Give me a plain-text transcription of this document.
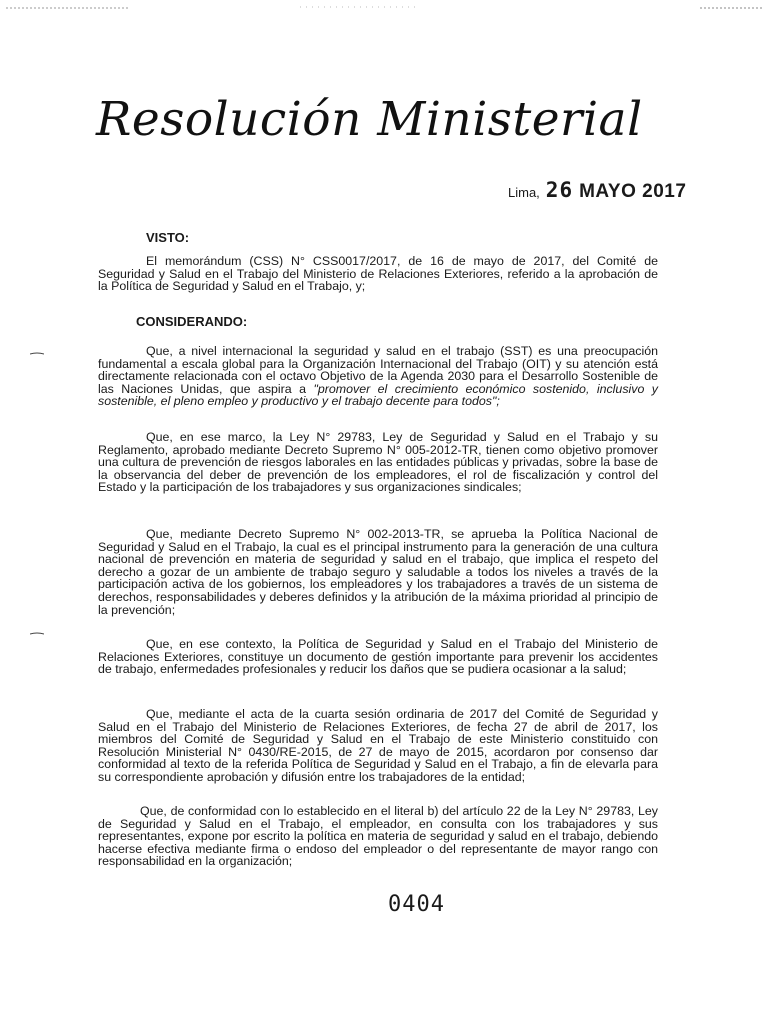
Resolución Ministerial
Lima, 26 MAYO 2017
VISTO:
El memorándum (CSS) N° CSS0017/2017, de 16 de mayo de 2017, del Comité de Seguridad y Salud en el Trabajo del Ministerio de Relaciones Exteriores, referido a la aprobación de la Política de Seguridad y Salud en el Trabajo, y;
CONSIDERANDO:
Que, a nivel internacional la seguridad y salud en el trabajo (SST) es una preocupación fundamental a escala global para la Organización Internacional del Trabajo (OIT) y su atención está directamente relacionada con el octavo Objetivo de la Agenda 2030 para el Desarrollo Sostenible de las Naciones Unidas, que aspira a "promover el crecimiento económico sostenido, inclusivo y sostenible, el pleno empleo y productivo y el trabajo decente para todos";
Que, en ese marco, la Ley N° 29783, Ley de Seguridad y Salud en el Trabajo y su Reglamento, aprobado mediante Decreto Supremo N° 005-2012-TR, tienen como objetivo promover una cultura de prevención de riesgos laborales en las entidades públicas y privadas, sobre la base de la observancia del deber de prevención de los empleadores, el rol de fiscalización y control del Estado y la participación de los trabajadores y sus organizaciones sindicales;
Que, mediante Decreto Supremo N° 002-2013-TR, se aprueba la Política Nacional de Seguridad y Salud en el Trabajo, la cual es el principal instrumento para la generación de una cultura nacional de prevención en materia de seguridad y salud en el trabajo, que implica el respeto del derecho a gozar de un ambiente de trabajo seguro y saludable a todos los niveles a través de la participación activa de los gobiernos, los empleadores y los trabajadores a través de un sistema de derechos, responsabilidades y deberes definidos y la atribución de la máxima prioridad al principio de la prevención;
Que, en ese contexto, la Política de Seguridad y Salud en el Trabajo del Ministerio de Relaciones Exteriores, constituye un documento de gestión importante para prevenir los accidentes de trabajo, enfermedades profesionales y reducir los daños que se pudiera ocasionar a la salud;
Que, mediante el acta de la cuarta sesión ordinaria de 2017 del Comité de Seguridad y Salud en el Trabajo del Ministerio de Relaciones Exteriores, de fecha 27 de abril de 2017, los miembros del Comité de Seguridad y Salud en el Trabajo de este Ministerio constituido con Resolución Ministerial N° 0430/RE-2015, de 27 de mayo de 2015, acordaron por consenso dar conformidad al texto de la referida Política de Seguridad y Salud en el Trabajo, a fin de elevarla para su correspondiente aprobación y difusión entre los trabajadores de la entidad;
Que, de conformidad con lo establecido en el literal b) del artículo 22 de la Ley N° 29783, Ley de Seguridad y Salud en el Trabajo, el empleador, en consulta con los trabajadores y sus representantes, expone por escrito la política en materia de seguridad y salud en el trabajo, debiendo hacerse efectiva mediante firma o endoso del empleador o del representante de mayor rango con responsabilidad en la organización;
0404
